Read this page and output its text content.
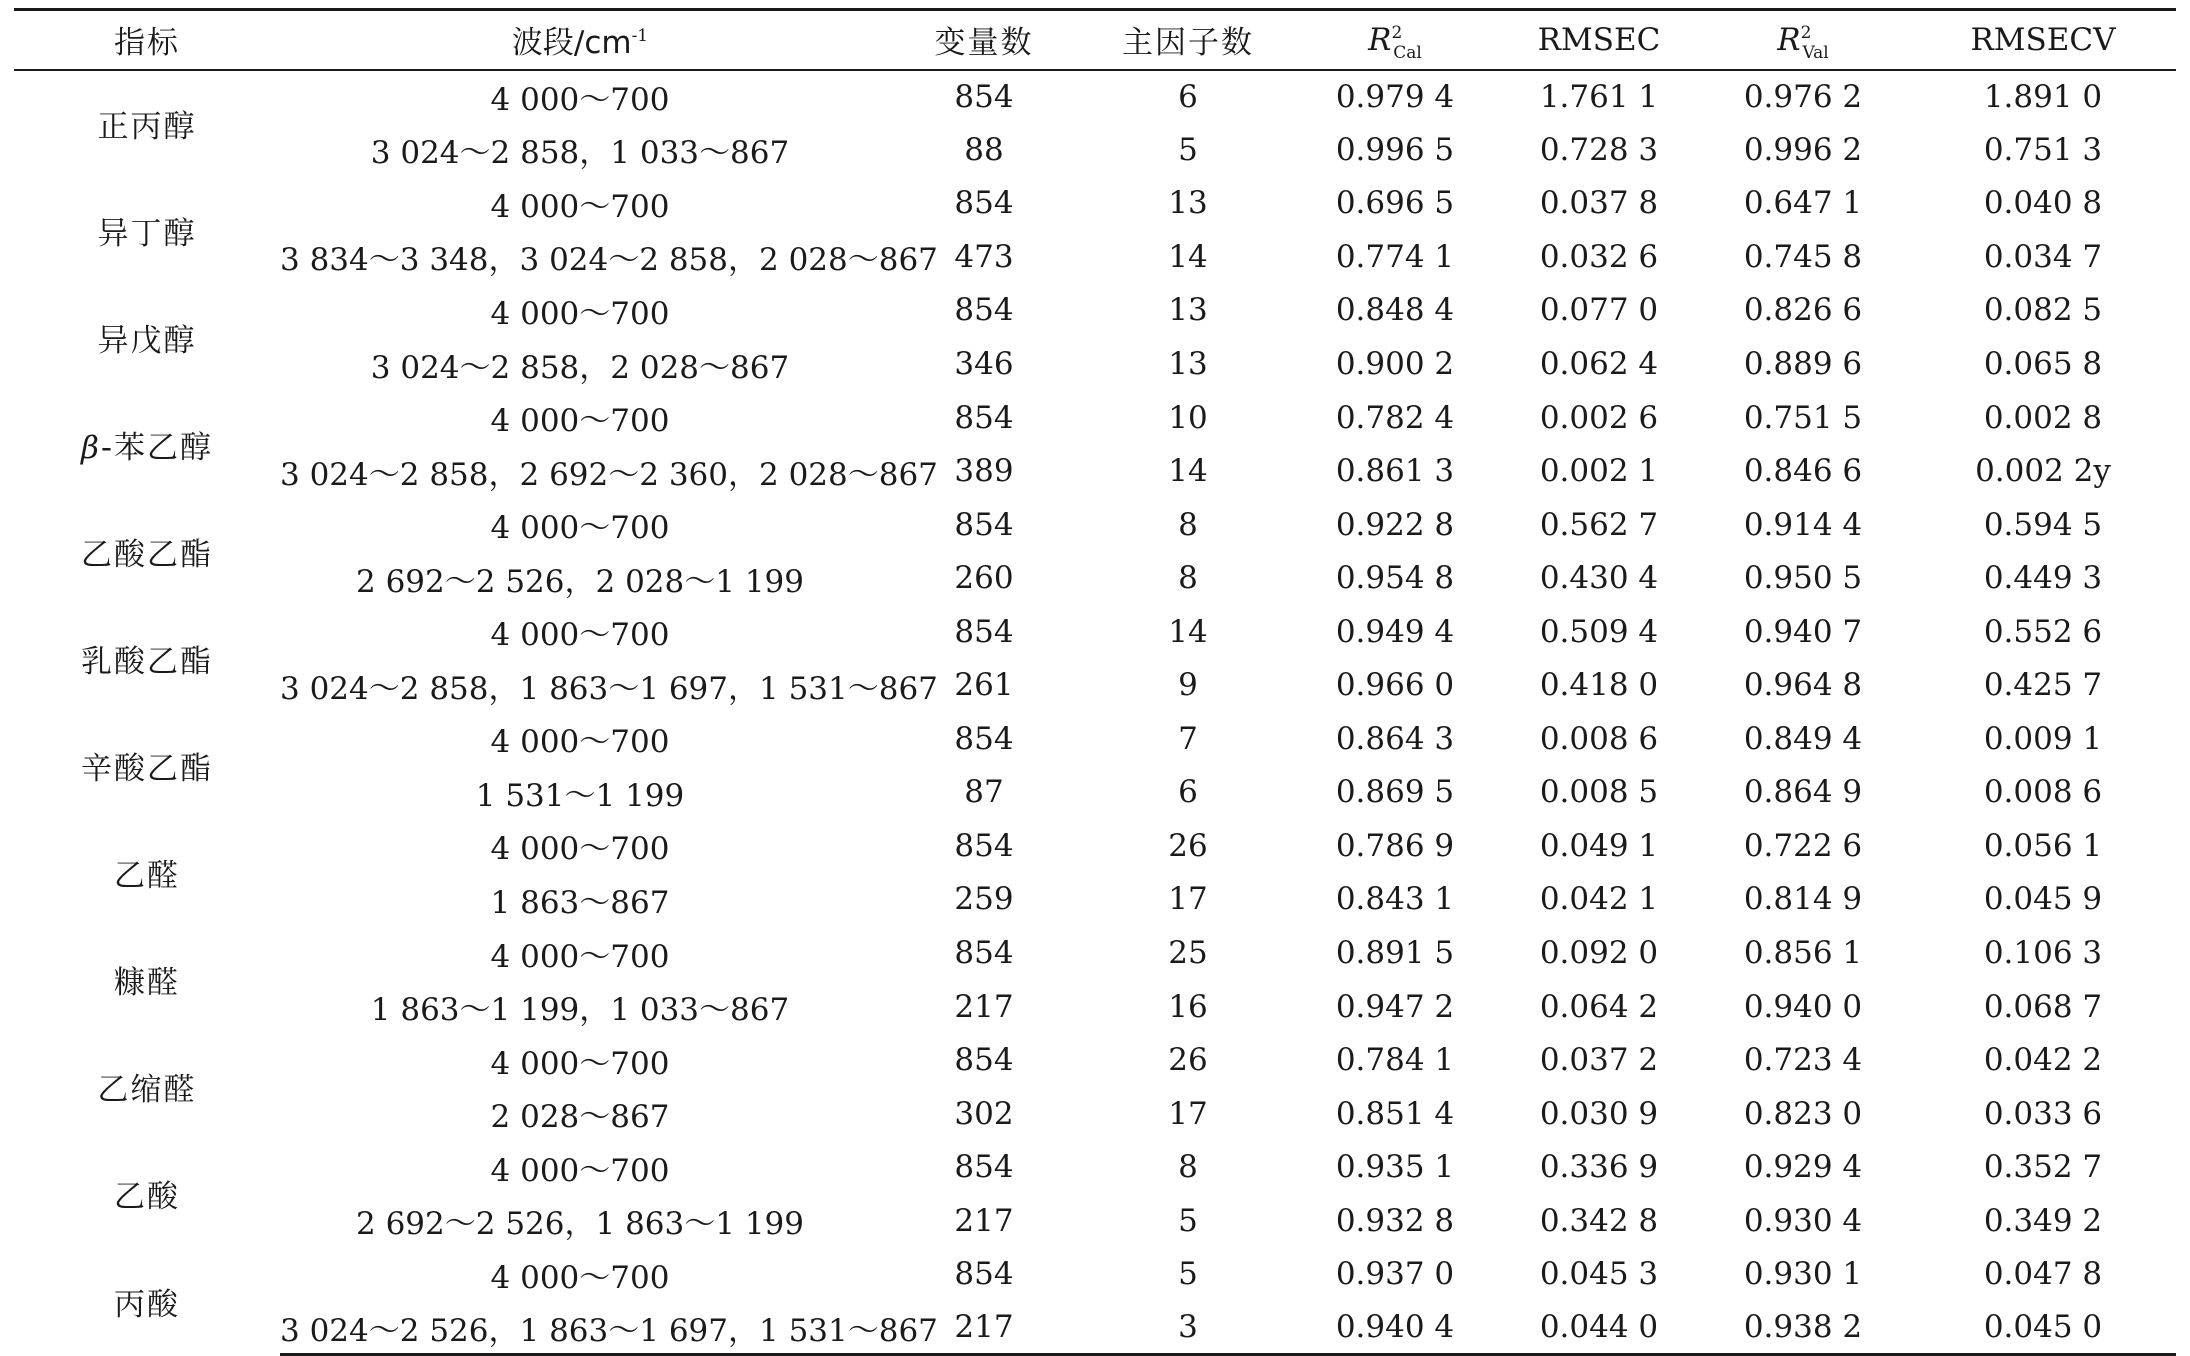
指标	波段$/cm^{-1}$	变量数	主因子数	$R^2_{Cal}$	RMSEC	$R^2_{Val}$	RMSECV
正丙醇	4 000～700	854	6	0.979 4	1.761 1	0.976 2	1.891 0
	3 024～2 858，1 033～867	88	5	0.996 5	0.728 3	0.996 2	0.751 3
异丁醇	4 000～700	854	13	0.696 5	0.037 8	0.647 1	0.040 8
	3 834～3 348，3 024～2 858，2 028～867	473	14	0.774 1	0.032 6	0.745 8	0.034 7
异戊醇	4 000～700	854	13	0.848 4	0.077 0	0.826 6	0.082 5
	3 024～2 858，2 028～867	346	13	0.900 2	0.062 4	0.889 6	0.065 8
β-苯乙醇	4 000～700	854	10	0.782 4	0.002 6	0.751 5	0.002 8
	3 024～2 858，2 692～2 360，2 028～867	389	14	0.861 3	0.002 1	0.846 6	0.002 2y
乙酸乙酯	4 000～700	854	8	0.922 8	0.562 7	0.914 4	0.594 5
	2 692～2 526，2 028～1 199	260	8	0.954 8	0.430 4	0.950 5	0.449 3
乳酸乙酯	4 000～700	854	14	0.949 4	0.509 4	0.940 7	0.552 6
	3 024～2 858，1 863～1 697，1 531～867	261	9	0.966 0	0.418 0	0.964 8	0.425 7
辛酸乙酯	4 000～700	854	7	0.864 3	0.008 6	0.849 4	0.009 1
	1 531～1 199	87	6	0.869 5	0.008 5	0.864 9	0.008 6
乙醛	4 000～700	854	26	0.786 9	0.049 1	0.722 6	0.056 1
	1 863～867	259	17	0.843 1	0.042 1	0.814 9	0.045 9
糠醛	4 000～700	854	25	0.891 5	0.092 0	0.856 1	0.106 3
	1 863～1 199，1 033～867	217	16	0.947 2	0.064 2	0.940 0	0.068 7
乙缩醛	4 000～700	854	26	0.784 1	0.037 2	0.723 4	0.042 2
	2 028～867	302	17	0.851 4	0.030 9	0.823 0	0.033 6
乙酸	4 000～700	854	8	0.935 1	0.336 9	0.929 4	0.352 7
	2 692～2 526，1 863～1 199	217	5	0.932 8	0.342 8	0.930 4	0.349 2
丙酸	4 000～700	854	5	0.937 0	0.045 3	0.930 1	0.047 8
	3 024～2 526，1 863～1 697，1 531～867	217	3	0.940 4	0.044 0	0.938 2	0.045 0
